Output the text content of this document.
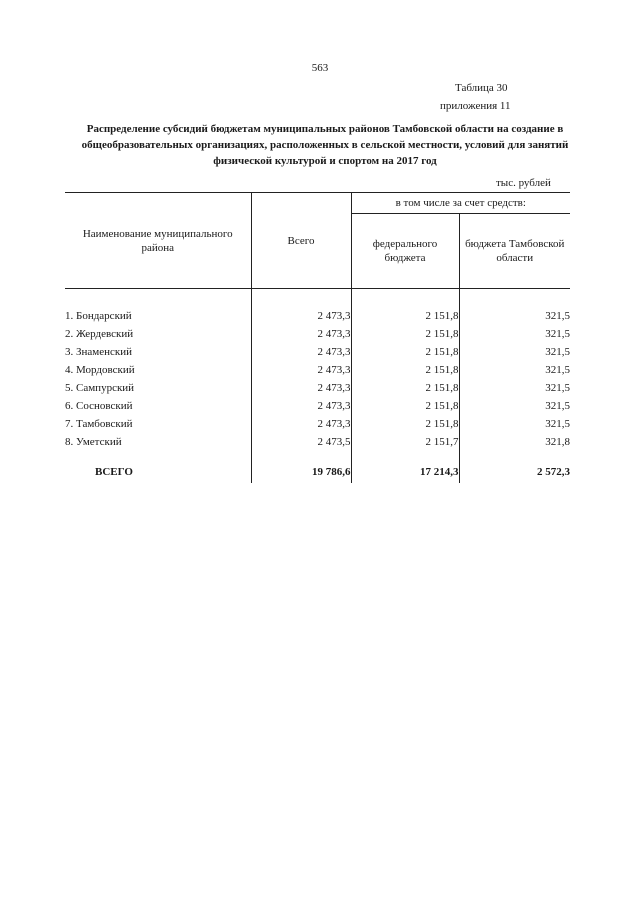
563
Таблица 30
приложения 11
Распределение субсидий бюджетам муниципальных районов Тамбовской области на создание в общеобразовательных организациях, расположенных в сельской местности, условий для занятий физической культурой и спортом на 2017 год
тыс. рублей
Наименование муниципального района	Всего	в том числе за счет средств:	
		федерального бюджета	бюджета Тамбовской области

1. Бондарский	2 473,3	2 151,8	321,5
2. Жердевский	2 473,3	2 151,8	321,5
3. Знаменский	2 473,3	2 151,8	321,5
4. Мордовский	2 473,3	2 151,8	321,5
5. Сампурский	2 473,3	2 151,8	321,5
6. Сосновский	2 473,3	2 151,8	321,5
7. Тамбовский	2 473,3	2 151,8	321,5
8. Уметский	2 473,5	2 151,7	321,8
ВСЕГО	19 786,6	17 214,3	2 572,3
